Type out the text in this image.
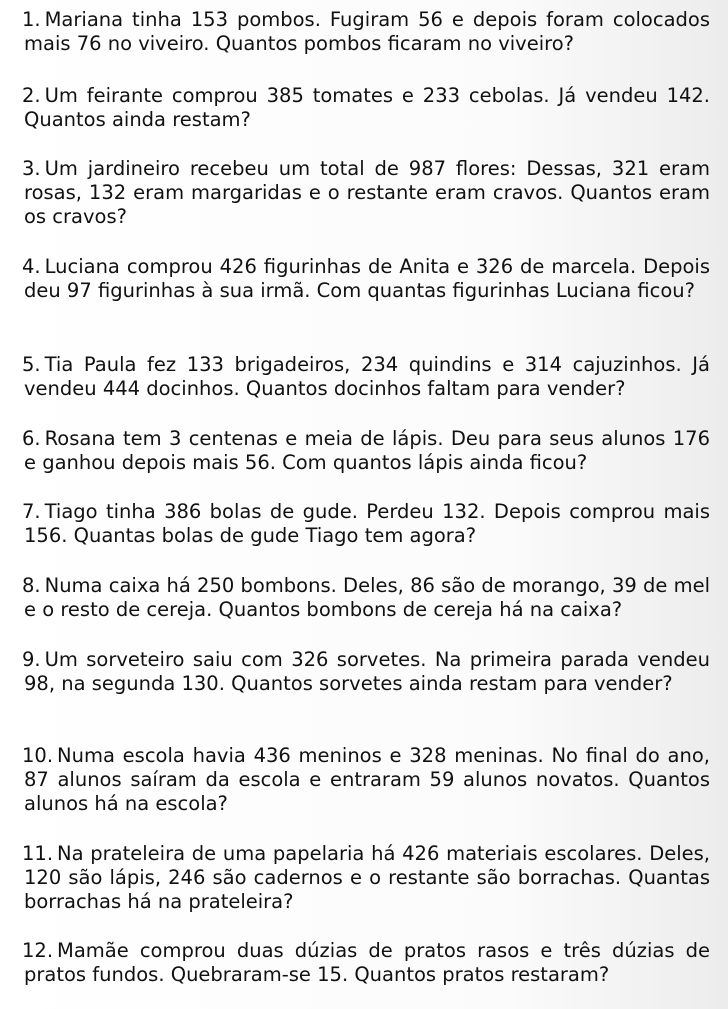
1. Mariana tinha 153 pombos. Fugiram 56 e depois foram colocados mais 76 no viveiro. Quantos pombos ficaram no viveiro?

2. Um feirante comprou 385 tomates e 233 cebolas. Já vendeu 142. Quantos ainda restam?

3. Um jardineiro recebeu um total de 987 flores: Dessas, 321 eram rosas, 132 eram margaridas e o restante eram cravos. Quantos eram os cravos?

4. Luciana comprou 426 figurinhas de Anita e 326 de marcela. Depois deu 97 figurinhas à sua irmã. Com quantas figurinhas Luciana ficou?

5. Tia Paula fez 133 brigadeiros, 234 quindins e 314 cajuzinhos. Já vendeu 444 docinhos. Quantos docinhos faltam para vender?

6. Rosana tem 3 centenas e meia de lápis. Deu para seus alunos 176 e ganhou depois mais 56. Com quantos lápis ainda ficou?

7. Tiago tinha 386 bolas de gude. Perdeu 132. Depois comprou mais 156. Quantas bolas de gude Tiago tem agora?

8. Numa caixa há 250 bombons. Deles, 86 são de morango, 39 de mel e o resto de cereja. Quantos bombons de cereja há na caixa?

9. Um sorveteiro saiu com 326 sorvetes. Na primeira parada vendeu 98, na segunda 130. Quantos sorvetes ainda restam para vender?

10. Numa escola havia 436 meninos e 328 meninas. No final do ano, 87 alunos saíram da escola e entraram 59 alunos novatos. Quantos alunos há na escola?

11. Na prateleira de uma papelaria há 426 materiais escolares. Deles, 120 são lápis, 246 são cadernos e o restante são borrachas. Quantas borrachas há na prateleira?

12. Mamãe comprou duas dúzias de pratos rasos e três dúzias de pratos fundos. Quebraram-se 15. Quantos pratos restaram?
